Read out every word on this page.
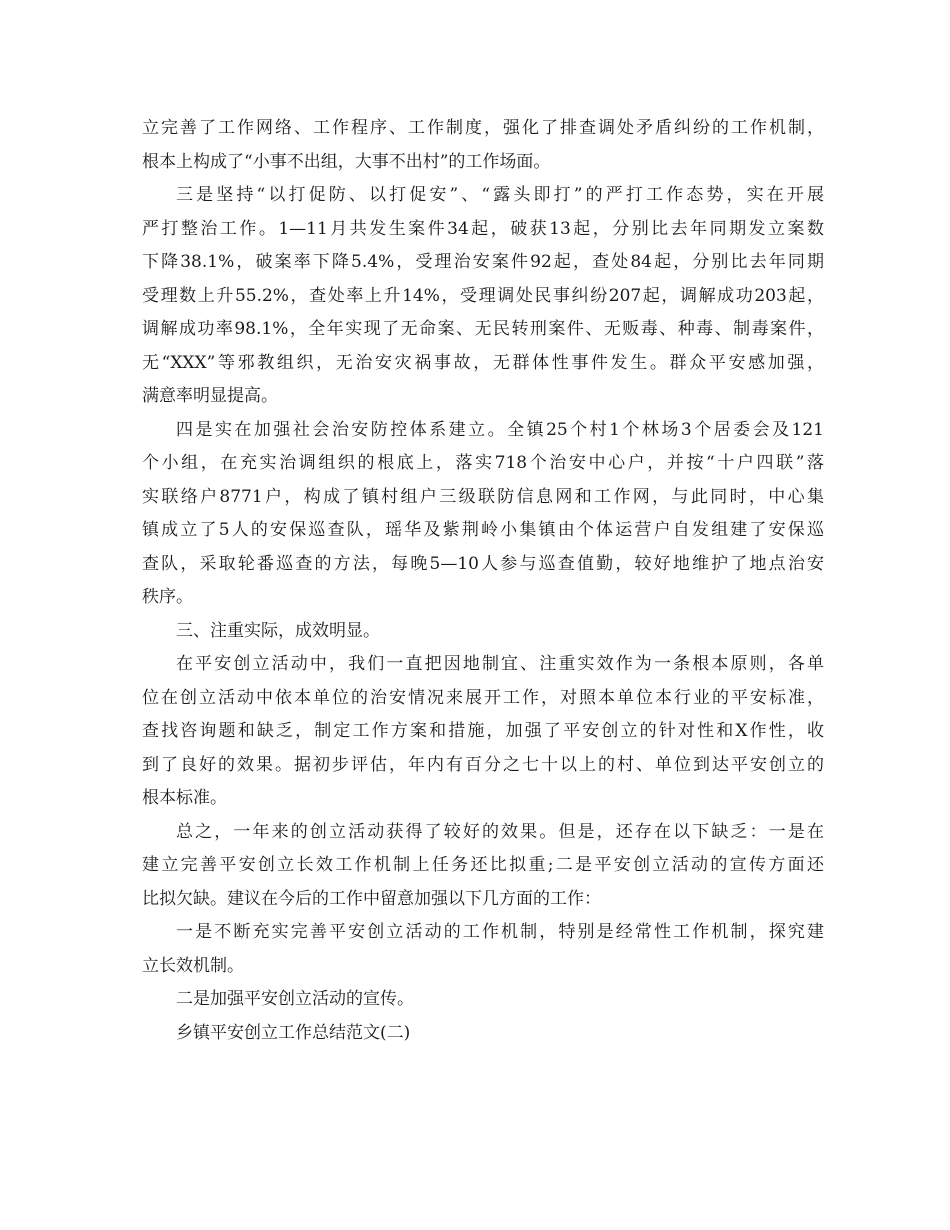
立完善了工作网络、工作程序、工作制度，强化了排查调处矛盾纠纷的工作机制，
根本上构成了“小事不出组，大事不出村”的工作场面。
三是坚持“以打促防、以打促安”、“露头即打”的严打工作态势，实在开展
严打整治工作。1—11月共发生案件34起，破获13起，分别比去年同期发立案数
下降38.1%，破案率下降5.4%，受理治安案件92起，查处84起，分别比去年同期
受理数上升55.2%，查处率上升14%，受理调处民事纠纷207起，调解成功203起，
调解成功率98.1%，全年实现了无命案、无民转刑案件、无贩毒、种毒、制毒案件，
无“XXX”等邪教组织，无治安灾祸事故，无群体性事件发生。群众平安感加强，
满意率明显提高。
四是实在加强社会治安防控体系建立。全镇25个村1个林场3个居委会及121
个小组，在充实治调组织的根底上，落实718个治安中心户，并按“十户四联”落
实联络户8771户，构成了镇村组户三级联防信息网和工作网，与此同时，中心集
镇成立了5人的安保巡查队，瑶华及紫荆岭小集镇由个体运营户自发组建了安保巡
查队，采取轮番巡查的方法，每晚5—10人参与巡查值勤，较好地维护了地点治安
秩序。
三、注重实际，成效明显。
在平安创立活动中，我们一直把因地制宜、注重实效作为一条根本原则，各单
位在创立活动中依本单位的治安情况来展开工作，对照本单位本行业的平安标准，
查找咨询题和缺乏，制定工作方案和措施，加强了平安创立的针对性和X作性，收
到了良好的效果。据初步评估，年内有百分之七十以上的村、单位到达平安创立的
根本标准。
总之，一年来的创立活动获得了较好的效果。但是，还存在以下缺乏：一是在
建立完善平安创立长效工作机制上任务还比拟重;二是平安创立活动的宣传方面还
比拟欠缺。建议在今后的工作中留意加强以下几方面的工作：
一是不断充实完善平安创立活动的工作机制，特别是经常性工作机制，探究建
立长效机制。
二是加强平安创立活动的宣传。
乡镇平安创立工作总结范文(二)
